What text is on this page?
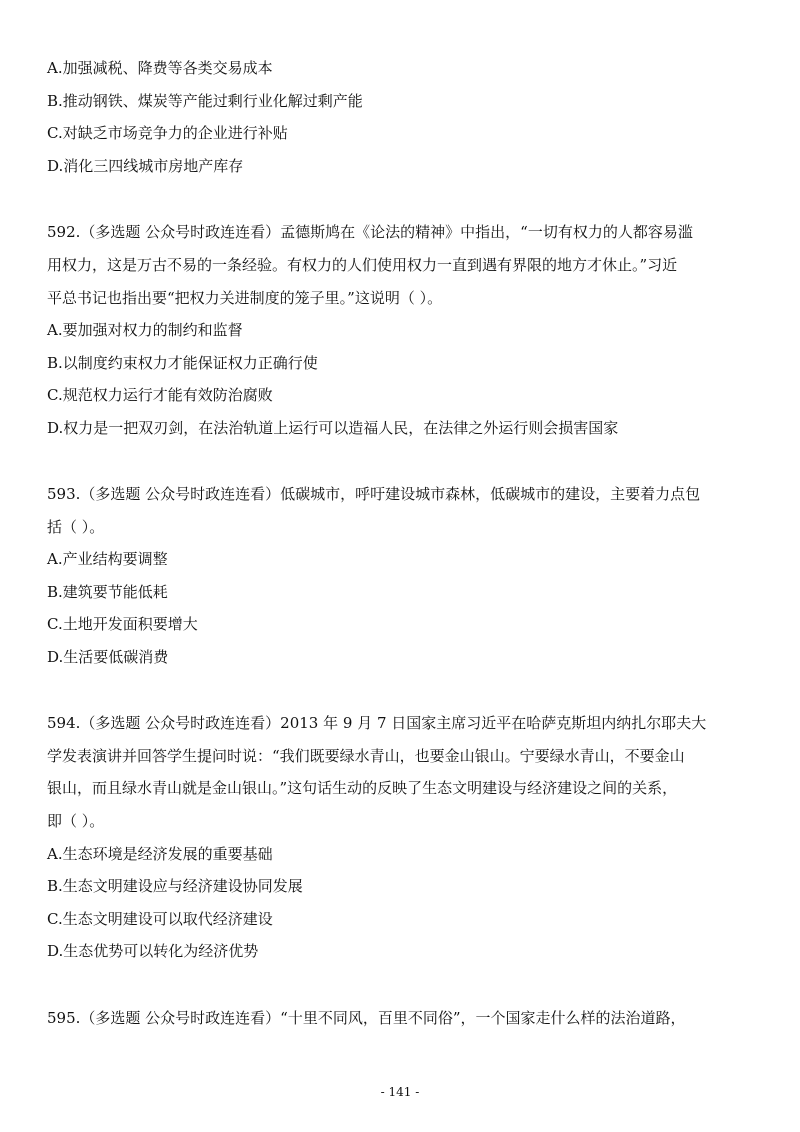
A.加强减税、降费等各类交易成本
B.推动钢铁、煤炭等产能过剩行业化解过剩产能
C.对缺乏市场竞争力的企业进行补贴
D.消化三四线城市房地产库存
592.（多选题 公众号时政连连看）孟德斯鸠在《论法的精神》中指出，“一切有权力的人都容易滥
用权力，这是万古不易的一条经验。有权力的人们使用权力一直到遇有界限的地方才休止。”习近
平总书记也指出要“把权力关进制度的笼子里。”这说明（ ）。
A.要加强对权力的制约和监督
B.以制度约束权力才能保证权力正确行使
C.规范权力运行才能有效防治腐败
D.权力是一把双刃剑，在法治轨道上运行可以造福人民，在法律之外运行则会损害国家
593.（多选题 公众号时政连连看）低碳城市，呼吁建设城市森林，低碳城市的建设，主要着力点包
括（ ）。
A.产业结构要调整
B.建筑要节能低耗
C.土地开发面积要增大
D.生活要低碳消费
594.（多选题 公众号时政连连看）2013 年 9 月 7 日国家主席习近平在哈萨克斯坦内纳扎尔耶夫大
学发表演讲并回答学生提问时说：“我们既要绿水青山，也要金山银山。宁要绿水青山，不要金山
银山，而且绿水青山就是金山银山。”这句话生动的反映了生态文明建设与经济建设之间的关系，
即（ ）。
A.生态环境是经济发展的重要基础
B.生态文明建设应与经济建设协同发展
C.生态文明建设可以取代经济建设
D.生态优势可以转化为经济优势
595.（多选题 公众号时政连连看）“十里不同风，百里不同俗”，一个国家走什么样的法治道路，
- 141 -
